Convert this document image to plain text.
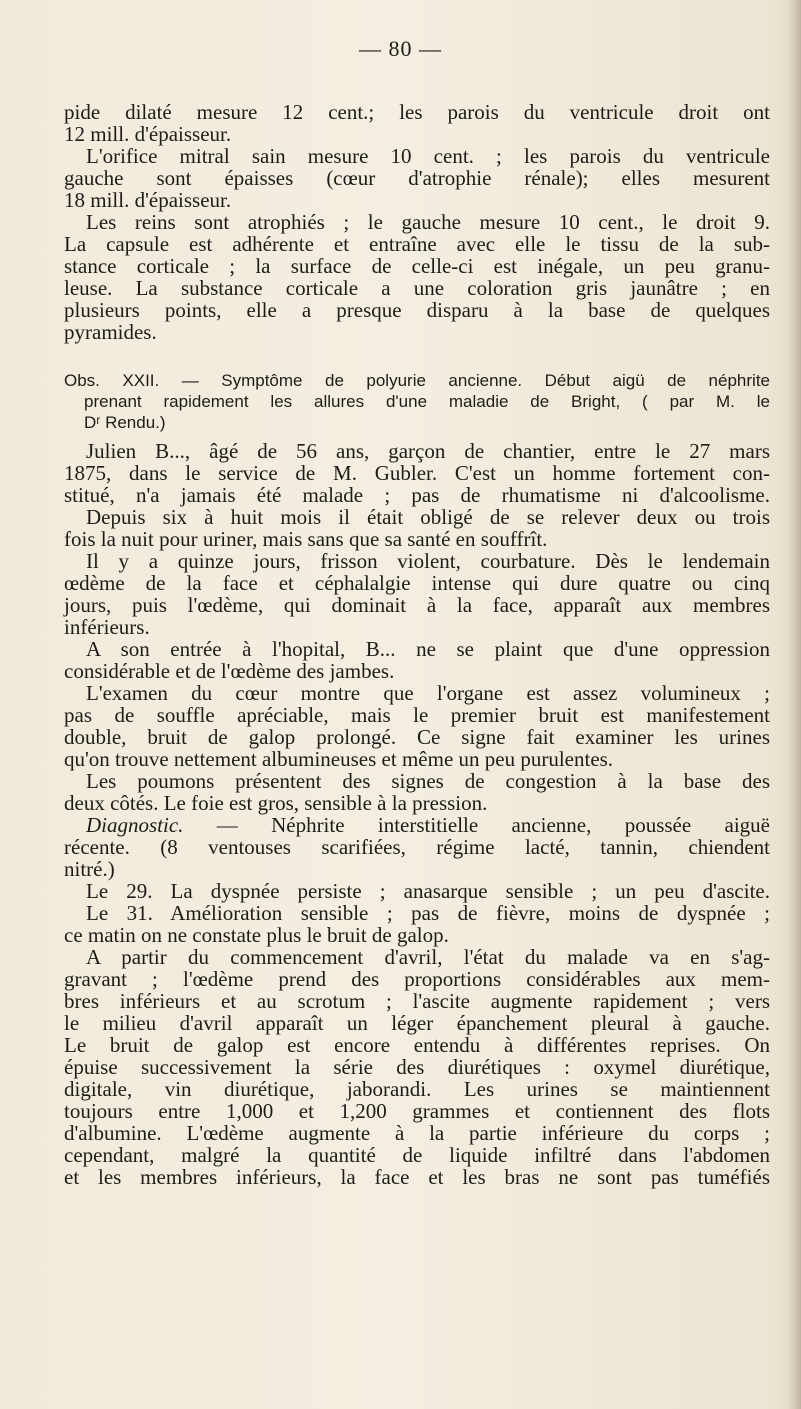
— 80 —
pide dilaté mesure 12 cent.; les parois du ventricule droit ont
12 mill. d'épaisseur.
L'orifice mitral sain mesure 10 cent. ; les parois du ventricule
gauche sont épaisses (cœur d'atrophie rénale); elles mesurent
18 mill. d'épaisseur.
Les reins sont atrophiés ; le gauche mesure 10 cent., le droit 9.
La capsule est adhérente et entraîne avec elle le tissu de la sub-
stance corticale ; la surface de celle-ci est inégale, un peu granu-
leuse. La substance corticale a une coloration gris jaunâtre ; en
plusieurs points, elle a presque disparu à la base de quelques
pyramides.
Obs. XXII. — Symptôme de polyurie ancienne. Début aigü de néphrite
prenant rapidement les allures d'une maladie de Bright, ( par M. le
Dʳ Rendu.)
Julien B..., âgé de 56 ans, garçon de chantier, entre le 27 mars
1875, dans le service de M. Gubler. C'est un homme fortement con-
stitué, n'a jamais été malade ; pas de rhumatisme ni d'alcoolisme.
Depuis six à huit mois il était obligé de se relever deux ou trois
fois la nuit pour uriner, mais sans que sa santé en souffrît.
Il y a quinze jours, frisson violent, courbature. Dès le lendemain
œdème de la face et céphalalgie intense qui dure quatre ou cinq
jours, puis l'œdème, qui dominait à la face, apparaît aux membres
inférieurs.
A son entrée à l'hopital, B... ne se plaint que d'une oppression
considérable et de l'œdème des jambes.
L'examen du cœur montre que l'organe est assez volumineux ;
pas de souffle apréciable, mais le premier bruit est manifestement
double, bruit de galop prolongé. Ce signe fait examiner les urines
qu'on trouve nettement albumineuses et même un peu purulentes.
Les poumons présentent des signes de congestion à la base des
deux côtés. Le foie est gros, sensible à la pression.
Diagnostic. — Néphrite interstitielle ancienne, poussée aiguë
récente. (8 ventouses scarifiées, régime lacté, tannin, chiendent
nitré.)
Le 29. La dyspnée persiste ; anasarque sensible ; un peu d'ascite.
Le 31. Amélioration sensible ; pas de fièvre, moins de dyspnée ;
ce matin on ne constate plus le bruit de galop.
A partir du commencement d'avril, l'état du malade va en s'ag-
gravant ; l'œdème prend des proportions considérables aux mem-
bres inférieurs et au scrotum ; l'ascite augmente rapidement ; vers
le milieu d'avril apparaît un léger épanchement pleural à gauche.
Le bruit de galop est encore entendu à différentes reprises. On
épuise successivement la série des diurétiques : oxymel diurétique,
digitale, vin diurétique, jaborandi. Les urines se maintiennent
toujours entre 1,000 et 1,200 grammes et contiennent des flots
d'albumine. L'œdème augmente à la partie inférieure du corps ;
cependant, malgré la quantité de liquide infiltré dans l'abdomen
et les membres inférieurs, la face et les bras ne sont pas tuméfiés
